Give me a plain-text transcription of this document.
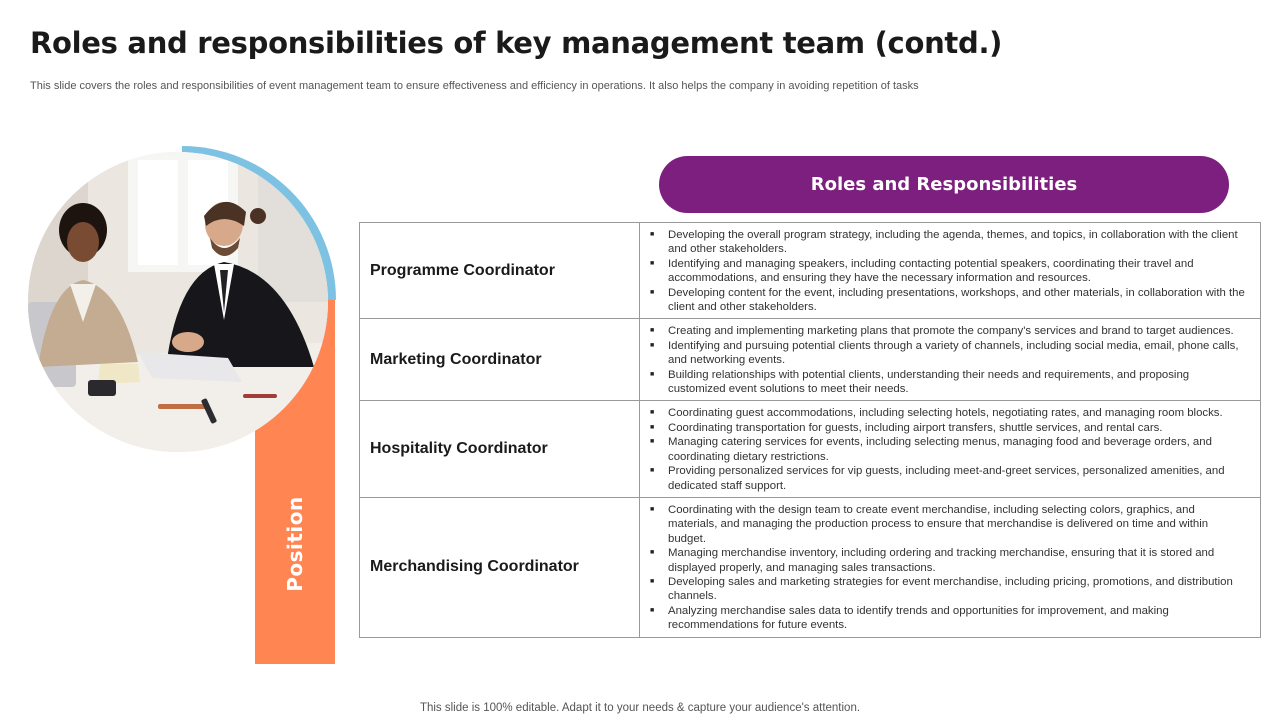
Roles and responsibilities of key management team (contd.)
This slide covers the roles and responsibilities of event management team to ensure effectiveness and efficiency in operations. It also helps the company in avoiding repetition of tasks
Position
Roles and Responsibilities
Programme Coordinator
■	Developing the overall program strategy, including the agenda, themes, and topics, in collaboration with the client and other stakeholders.
■	Identifying and managing speakers, including contacting potential speakers, coordinating their travel and accommodations, and ensuring they have the necessary information and resources.
■	Developing content for the event, including presentations, workshops, and other materials, in collaboration with the client and other stakeholders.
Marketing Coordinator
■	Creating and implementing marketing plans that promote the company's services and brand to target audiences.
■	Identifying and pursuing potential clients through a variety of channels, including social media, email, phone calls, and networking events.
■	Building relationships with potential clients, understanding their needs and requirements, and proposing customized event solutions to meet their needs.
Hospitality Coordinator
■	Coordinating guest accommodations, including selecting hotels, negotiating rates, and managing room blocks.
■	Coordinating transportation for guests, including airport transfers, shuttle services, and rental cars.
■	Managing catering services for events, including selecting menus, managing food and beverage orders, and coordinating dietary restrictions.
■	Providing personalized services for vip guests, including meet-and-greet services, personalized amenities, and dedicated staff support.
Merchandising Coordinator
■	Coordinating with the design team to create event merchandise, including selecting colors, graphics, and materials, and managing the production process to ensure that merchandise is delivered on time and within budget.
■	Managing merchandise inventory, including ordering and tracking merchandise, ensuring that it is stored and displayed properly, and managing sales transactions.
■	Developing sales and marketing strategies for event merchandise, including pricing, promotions, and distribution channels.
■	Analyzing merchandise sales data to identify trends and opportunities for improvement, and making recommendations for future events.
This slide is 100% editable. Adapt it to your needs & capture your audience's attention.
